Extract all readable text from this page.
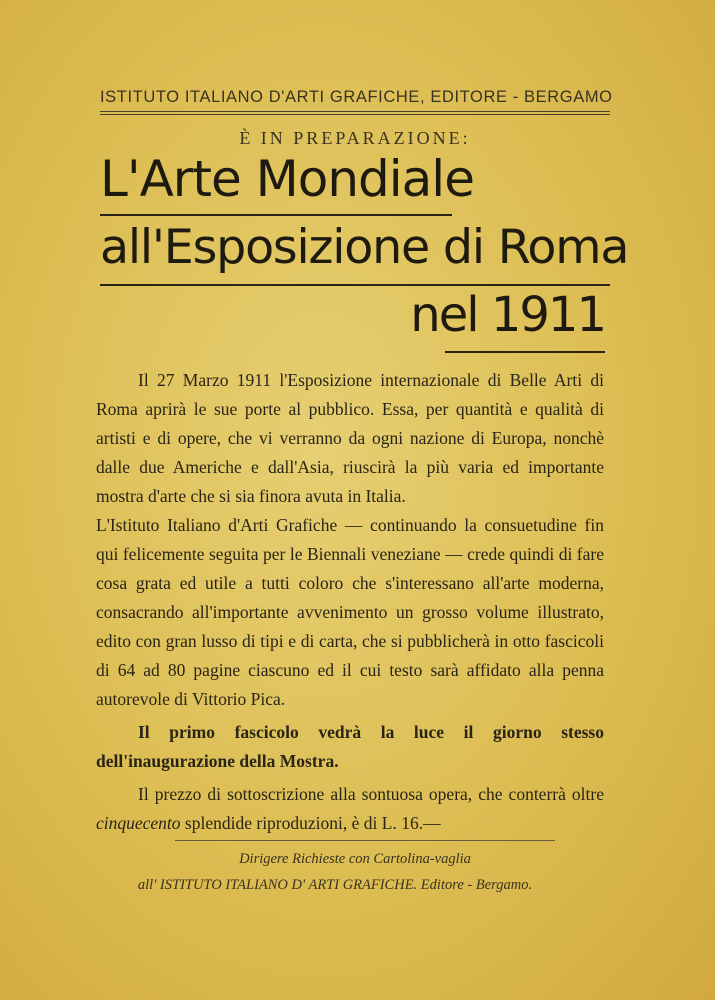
ISTITUTO ITALIANO D'ARTI GRAFICHE, EDITORE - BERGAMO
È IN PREPARAZIONE:
L'Arte Mondiale
all'Esposizione di Roma
nel 1911

Il 27 Marzo 1911 l'Esposizione internazionale di Belle Arti di Roma aprirà le sue porte al pubblico. Essa, per quantità e qualità di artisti e di opere, che vi verranno da ogni nazione di Europa, nonchè dalle due Americhe e dall'Asia, riuscirà la più varia ed importante mostra d'arte che si sia finora avuta in Italia.

L'Istituto Italiano d'Arti Grafiche — continuando la consuetudine fin qui felicemente seguita per le Biennali veneziane — crede quindi di fare cosa grata ed utile a tutti coloro che s'interessano all'arte moderna, consacrando all'importante avvenimento un grosso volume illustrato, edito con gran lusso di tipi e di carta, che si pubblicherà in otto fascicoli di 64 ad 80 pagine ciascuno ed il cui testo sarà affidato alla penna autorevole di Vittorio Pica.

Il primo fascicolo vedrà la luce il giorno stesso dell'inaugurazione della Mostra.

Il prezzo di sottoscrizione alla sontuosa opera, che conterrà oltre cinquecento splendide riproduzioni, è di L. 16.—

Dirigere Richieste con Cartolina-vaglia
all' ISTITUTO ITALIANO D' ARTI GRAFICHE. Editore - Bergamo.
